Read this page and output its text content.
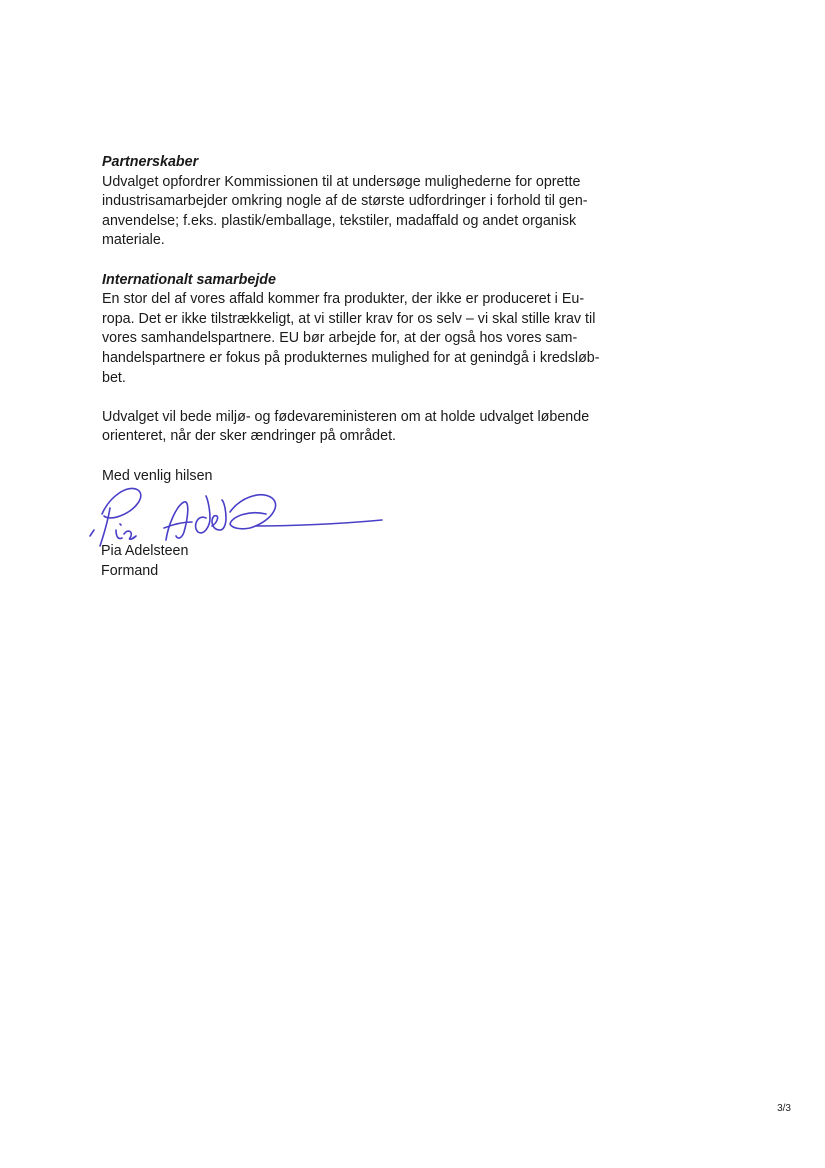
Partnerskaber

Udvalget opfordrer Kommissionen til at undersøge mulighederne for oprette

industrisamarbejder omkring nogle af de største udfordringer i forhold til gen-

anvendelse; f.eks. plastik/emballage, tekstiler, madaffald og andet organisk

materiale.

Internationalt samarbejde

En stor del af vores affald kommer fra produkter, der ikke er produceret i Eu-

ropa. Det er ikke tilstrækkeligt, at vi stiller krav for os selv – vi skal stille krav til

vores samhandelspartnere. EU bør arbejde for, at der også hos vores sam-

handelspartnere er fokus på produkternes mulighed for at genindgå i kredsløb-

bet.

Udvalget vil bede miljø- og fødevareministeren om at holde udvalget løbende

orienteret, når der sker ændringer på området.

Med venlig hilsen

Pia Adelsteen

Formand

3/3
